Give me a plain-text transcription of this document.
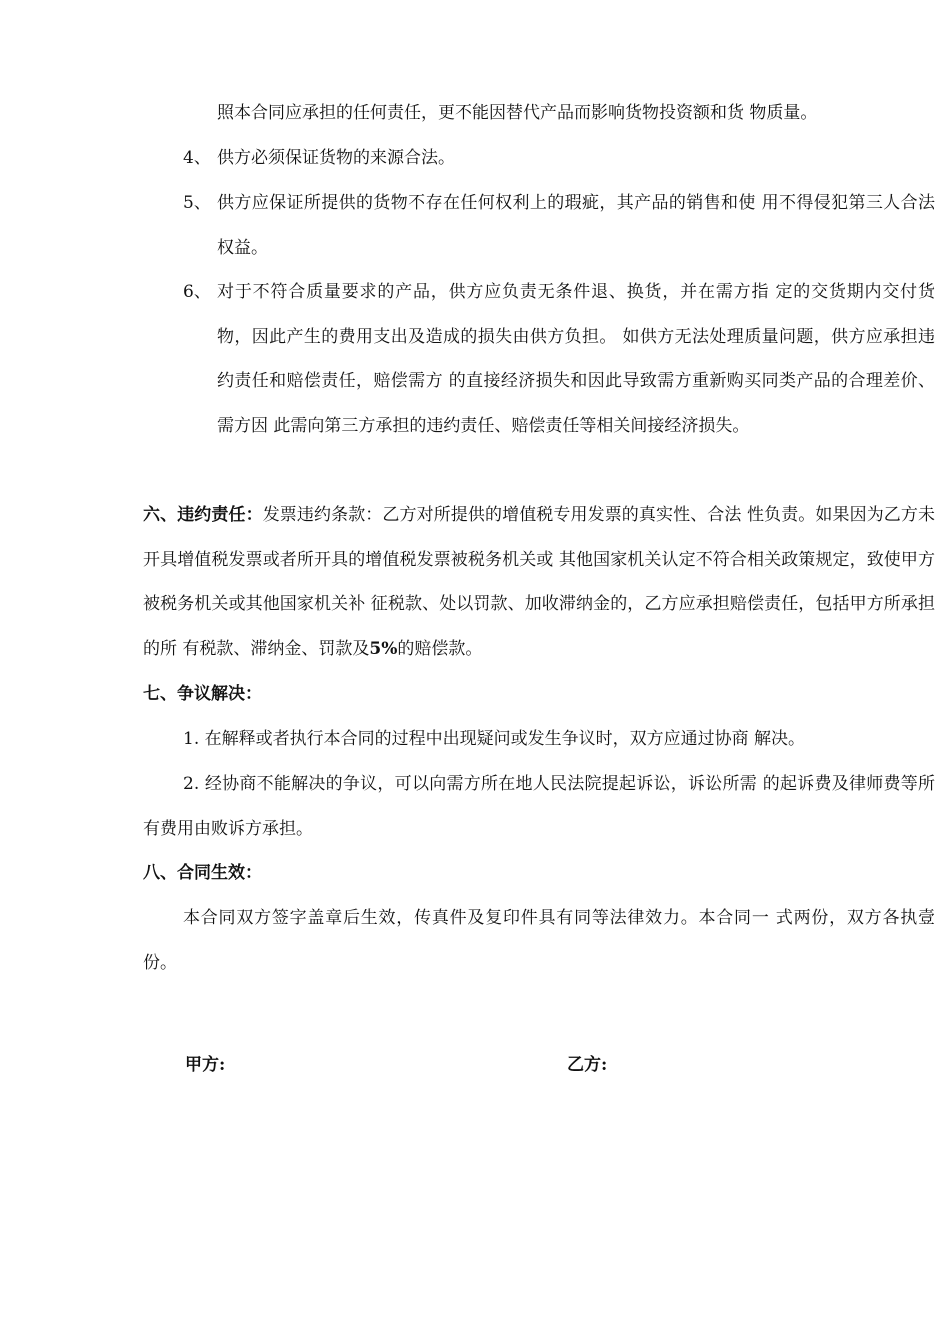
照本合同应承担的任何责任，更不能因替代产品而影响货物投资额和货 物质量。
4、 供方必须保证货物的来源合法。
5、 供方应保证所提供的货物不存在任何权利上的瑕疵，其产品的销售和使 用不得侵犯第三人合法权益。
6、 对于不符合质量要求的产品，供方应负责无条件退、换货，并在需方指 定的交货期内交付货物，因此产生的费用支出及造成的损失由供方负担。 如供方无法处理质量问题，供方应承担违约责任和赔偿责任，赔偿需方 的直接经济损失和因此导致需方重新购买同类产品的合理差价、需方因 此需向第三方承担的违约责任、赔偿责任等相关间接经济损失。
六、违约责任：发票违约条款：乙方对所提供的增值税专用发票的真实性、合法 性负责。如果因为乙方未开具增值税发票或者所开具的增值税发票被税务机关或 其他国家机关认定不符合相关政策规定，致使甲方被税务机关或其他国家机关补 征税款、处以罚款、加收滞纳金的，乙方应承担赔偿责任，包括甲方所承担的所 有税款、滞纳金、罚款及5%的赔偿款。
七、争议解决：
1. 在解释或者执行本合同的过程中出现疑问或发生争议时，双方应通过协商 解决。
2. 经协商不能解决的争议，可以向需方所在地人民法院提起诉讼，诉讼所需 的起诉费及律师费等所有费用由败诉方承担。
八、合同生效：
本合同双方签字盖章后生效，传真件及复印件具有同等法律效力。本合同一 式两份，双方各执壹份。
甲方:	乙方:
